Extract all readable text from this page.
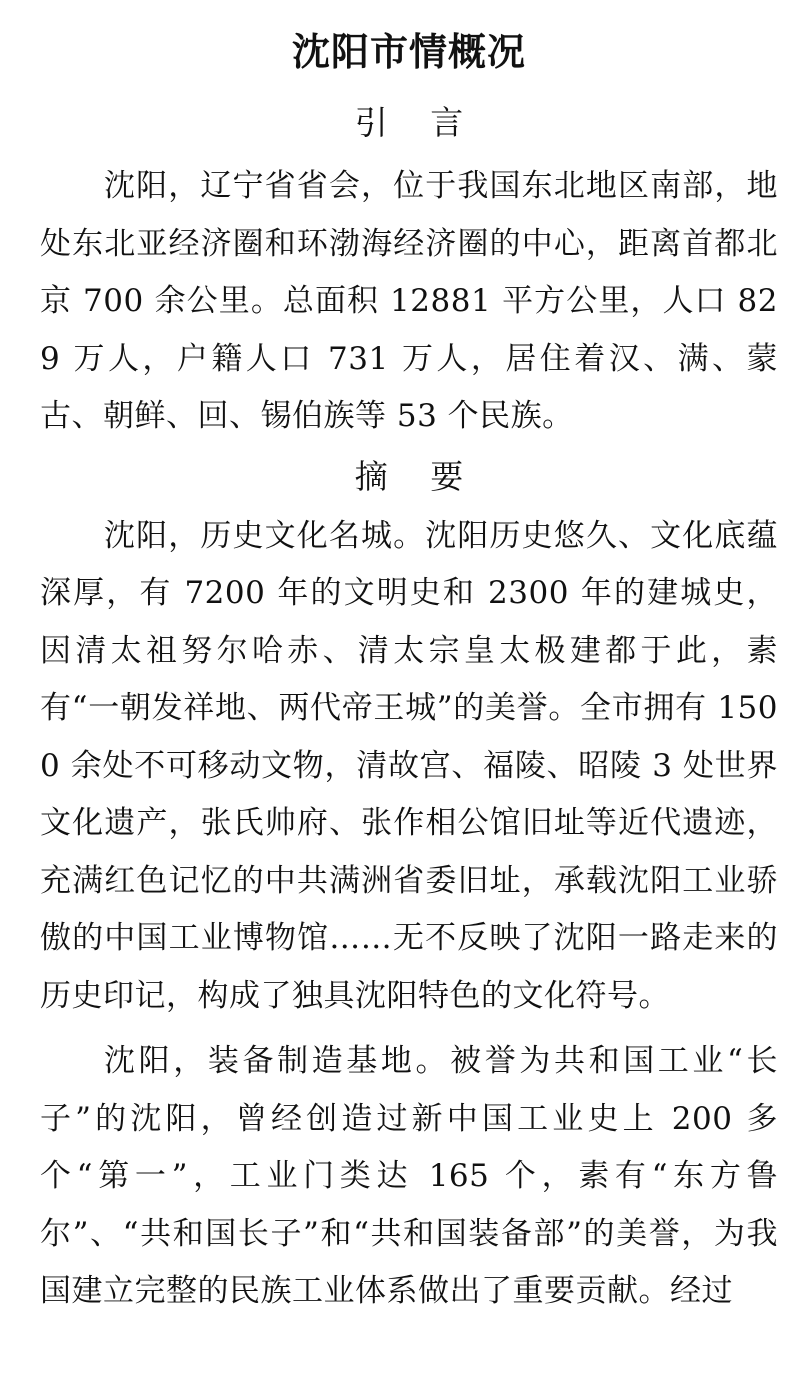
沈阳市情概况
引 言

沈阳，辽宁省省会，位于我国东北地区南部，地处东北亚经济圈和环渤海经济圈的中心，距离首都北京 700 余公里。总面积 12881 平方公里，人口 829 万人，户籍人口 731 万人，居住着汉、满、蒙古、朝鲜、回、锡伯族等 53 个民族。

摘 要

沈阳，历史文化名城。沈阳历史悠久、文化底蕴深厚，有 7200 年的文明史和 2300 年的建城史，因清太祖努尔哈赤、清太宗皇太极建都于此，素有“一朝发祥地、两代帝王城”的美誉。全市拥有 1500 余处不可移动文物，清故宫、福陵、昭陵 3 处世界文化遗产，张氏帅府、张作相公馆旧址等近代遗迹，充满红色记忆的中共满洲省委旧址，承载沈阳工业骄傲的中国工业博物馆……无不反映了沈阳一路走来的历史印记，构成了独具沈阳特色的文化符号。

沈阳，装备制造基地。被誉为共和国工业“长子”的沈阳，曾经创造过新中国工业史上 200 多个“第一”，工业门类达 165 个，素有“东方鲁尔”、“共和国长子”和“共和国装备部”的美誉，为我国建立完整的民族工业体系做出了重要贡献。经过
